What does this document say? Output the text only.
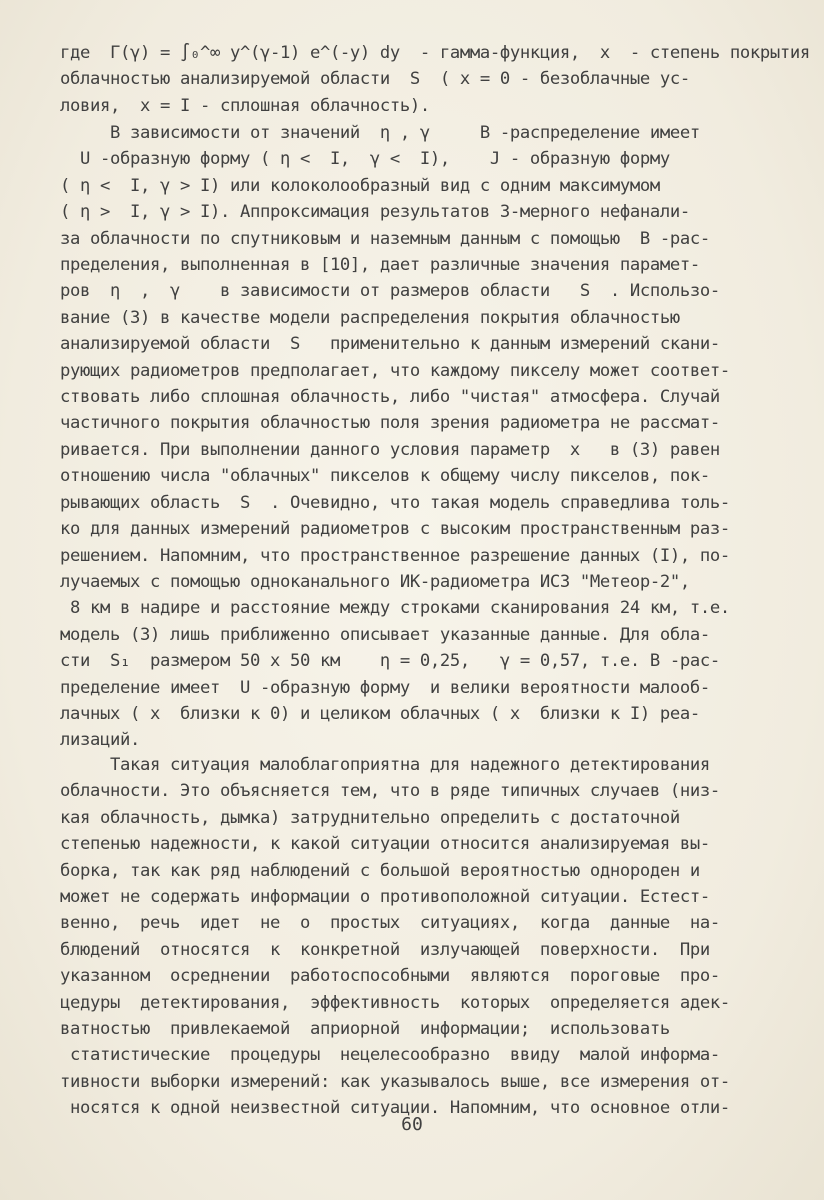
где  Γ(γ) = ∫₀^∞ y^(γ-1) e^(-y) dy  - гамма-функция,  x  - степень покрытия
облачностью анализируемой области  S  ( x = 0 - безоблачные ус-
ловия,  x = I - сплошная облачность).
В зависимости от значений  η , γ     B -распределение имеет
U -образную форму ( η <  I,  γ <  I),    J - образную форму
( η <  I, γ > I) или колоколообразный вид с одним максимумом
( η >  I, γ > I). Аппроксимация результатов 3-мерного нефанали-
за облачности по спутниковым и наземным данным с помощью  B -рас-
пределения, выполненная в [10], дает различные значения парамет-
ров  η  ,  γ    в зависимости от размеров области   S  . Использо-
вание (3) в качестве модели распределения покрытия облачностью
анализируемой области  S   применительно к данным измерений скани-
рующих радиометров предполагает, что каждому пикселу может соответ-
ствовать либо сплошная облачность, либо "чистая" атмосфера. Случай
частичного покрытия облачностью поля зрения радиометра не рассмат-
ривается. При выполнении данного условия параметр  x   в (3) равен
отношению числа "облачных" пикселов к общему числу пикселов, пок-
рывающих область  S  . Очевидно, что такая модель справедлива толь-
ко для данных измерений радиометров с высоким пространственным раз-
решением. Напомним, что пространственное разрешение данных (I), по-
лучаемых с помощью одноканального ИК-радиометра ИСЗ "Метеор-2",
8 км в надире и расстояние между строками сканирования 24 км, т.е.
модель (3) лишь приближенно описывает указанные данные. Для обла-
сти  S₁  размером 50 х 50 км    η = 0,25,   γ = 0,57, т.е. B -рас-
пределение имеет  U -образную форму  и велики вероятности малооб-
лачных ( x  близки к 0) и целиком облачных ( x  близки к I) реа-
лизаций.
Такая ситуация малоблагоприятна для надежного детектирования
облачности. Это объясняется тем, что в ряде типичных случаев (низ-
кая облачность, дымка) затруднительно определить с достаточной
степенью надежности, к какой ситуации относится анализируемая вы-
борка, так как ряд наблюдений с большой вероятностью однороден и
может не содержать информации о противоположной ситуации. Естест-
венно,  речь  идет  не  о  простых  ситуациях,  когда  данные  на-
блюдений  относятся  к  конкретной  излучающей  поверхности.  При
указанном  осреднении  работоспособными  являются  пороговые  про-
цедуры  детектирования,  эффективность  которых  определяется адек-
ватностью  привлекаемой  априорной  информации;  использовать
статистические  процедуры  нецелесообразно  ввиду  малой информа-
тивности выборки измерений: как указывалось выше, все измерения от-
носятся к одной неизвестной ситуации. Напомним, что основное отли-
60
